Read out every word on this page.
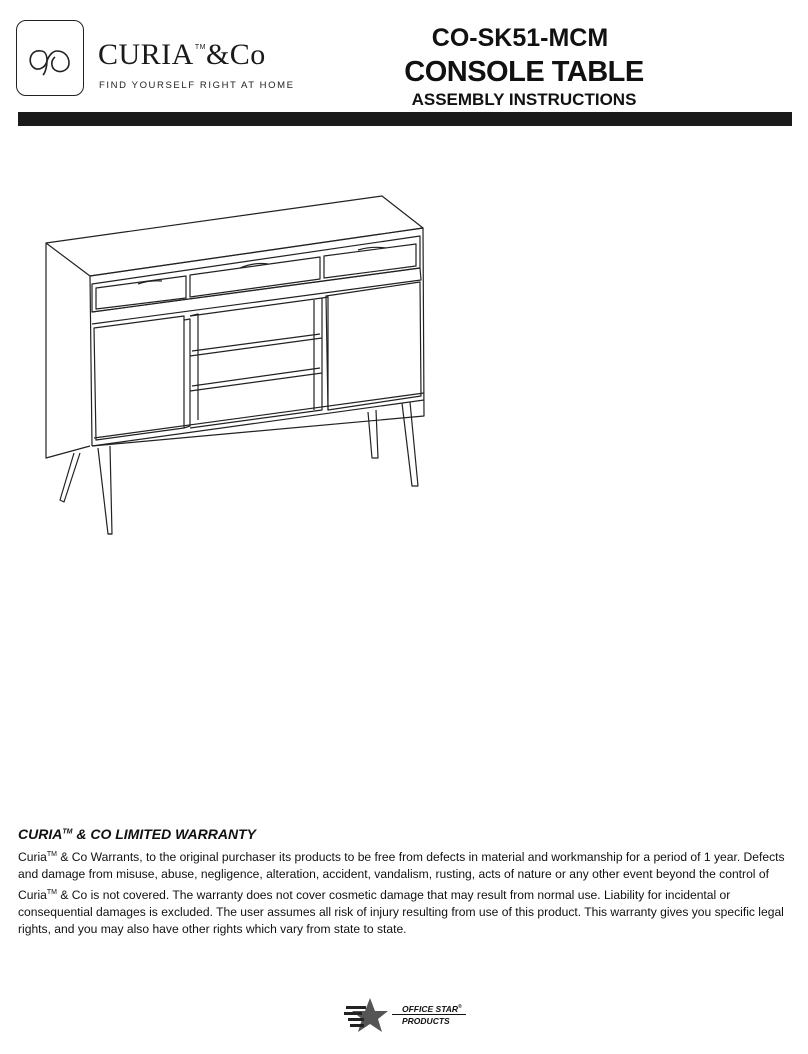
CURIA™&Co
FIND YOURSELF RIGHT AT HOME
CO-SK51-MCM
CONSOLE TABLE
ASSEMBLY INSTRUCTIONS
CURIA™ & CO LIMITED WARRANTY
Curia™ & Co Warrants, to the original purchaser its products to be free from defects in material and workmanship for a period of 1 year. Defects and damage from misuse, abuse, negligence, alteration, accident, vandalism, rusting, acts of nature or any other event beyond the control of Curia™ & Co is not covered. The warranty does not cover cosmetic damage that may result from normal use. Liability for incidental or consequential damages is excluded. The user assumes all risk of injury resulting from use of this product. This warranty gives you specific legal rights, and you may also have other rights which vary from state to state.
OFFICE STAR®
PRODUCTS
